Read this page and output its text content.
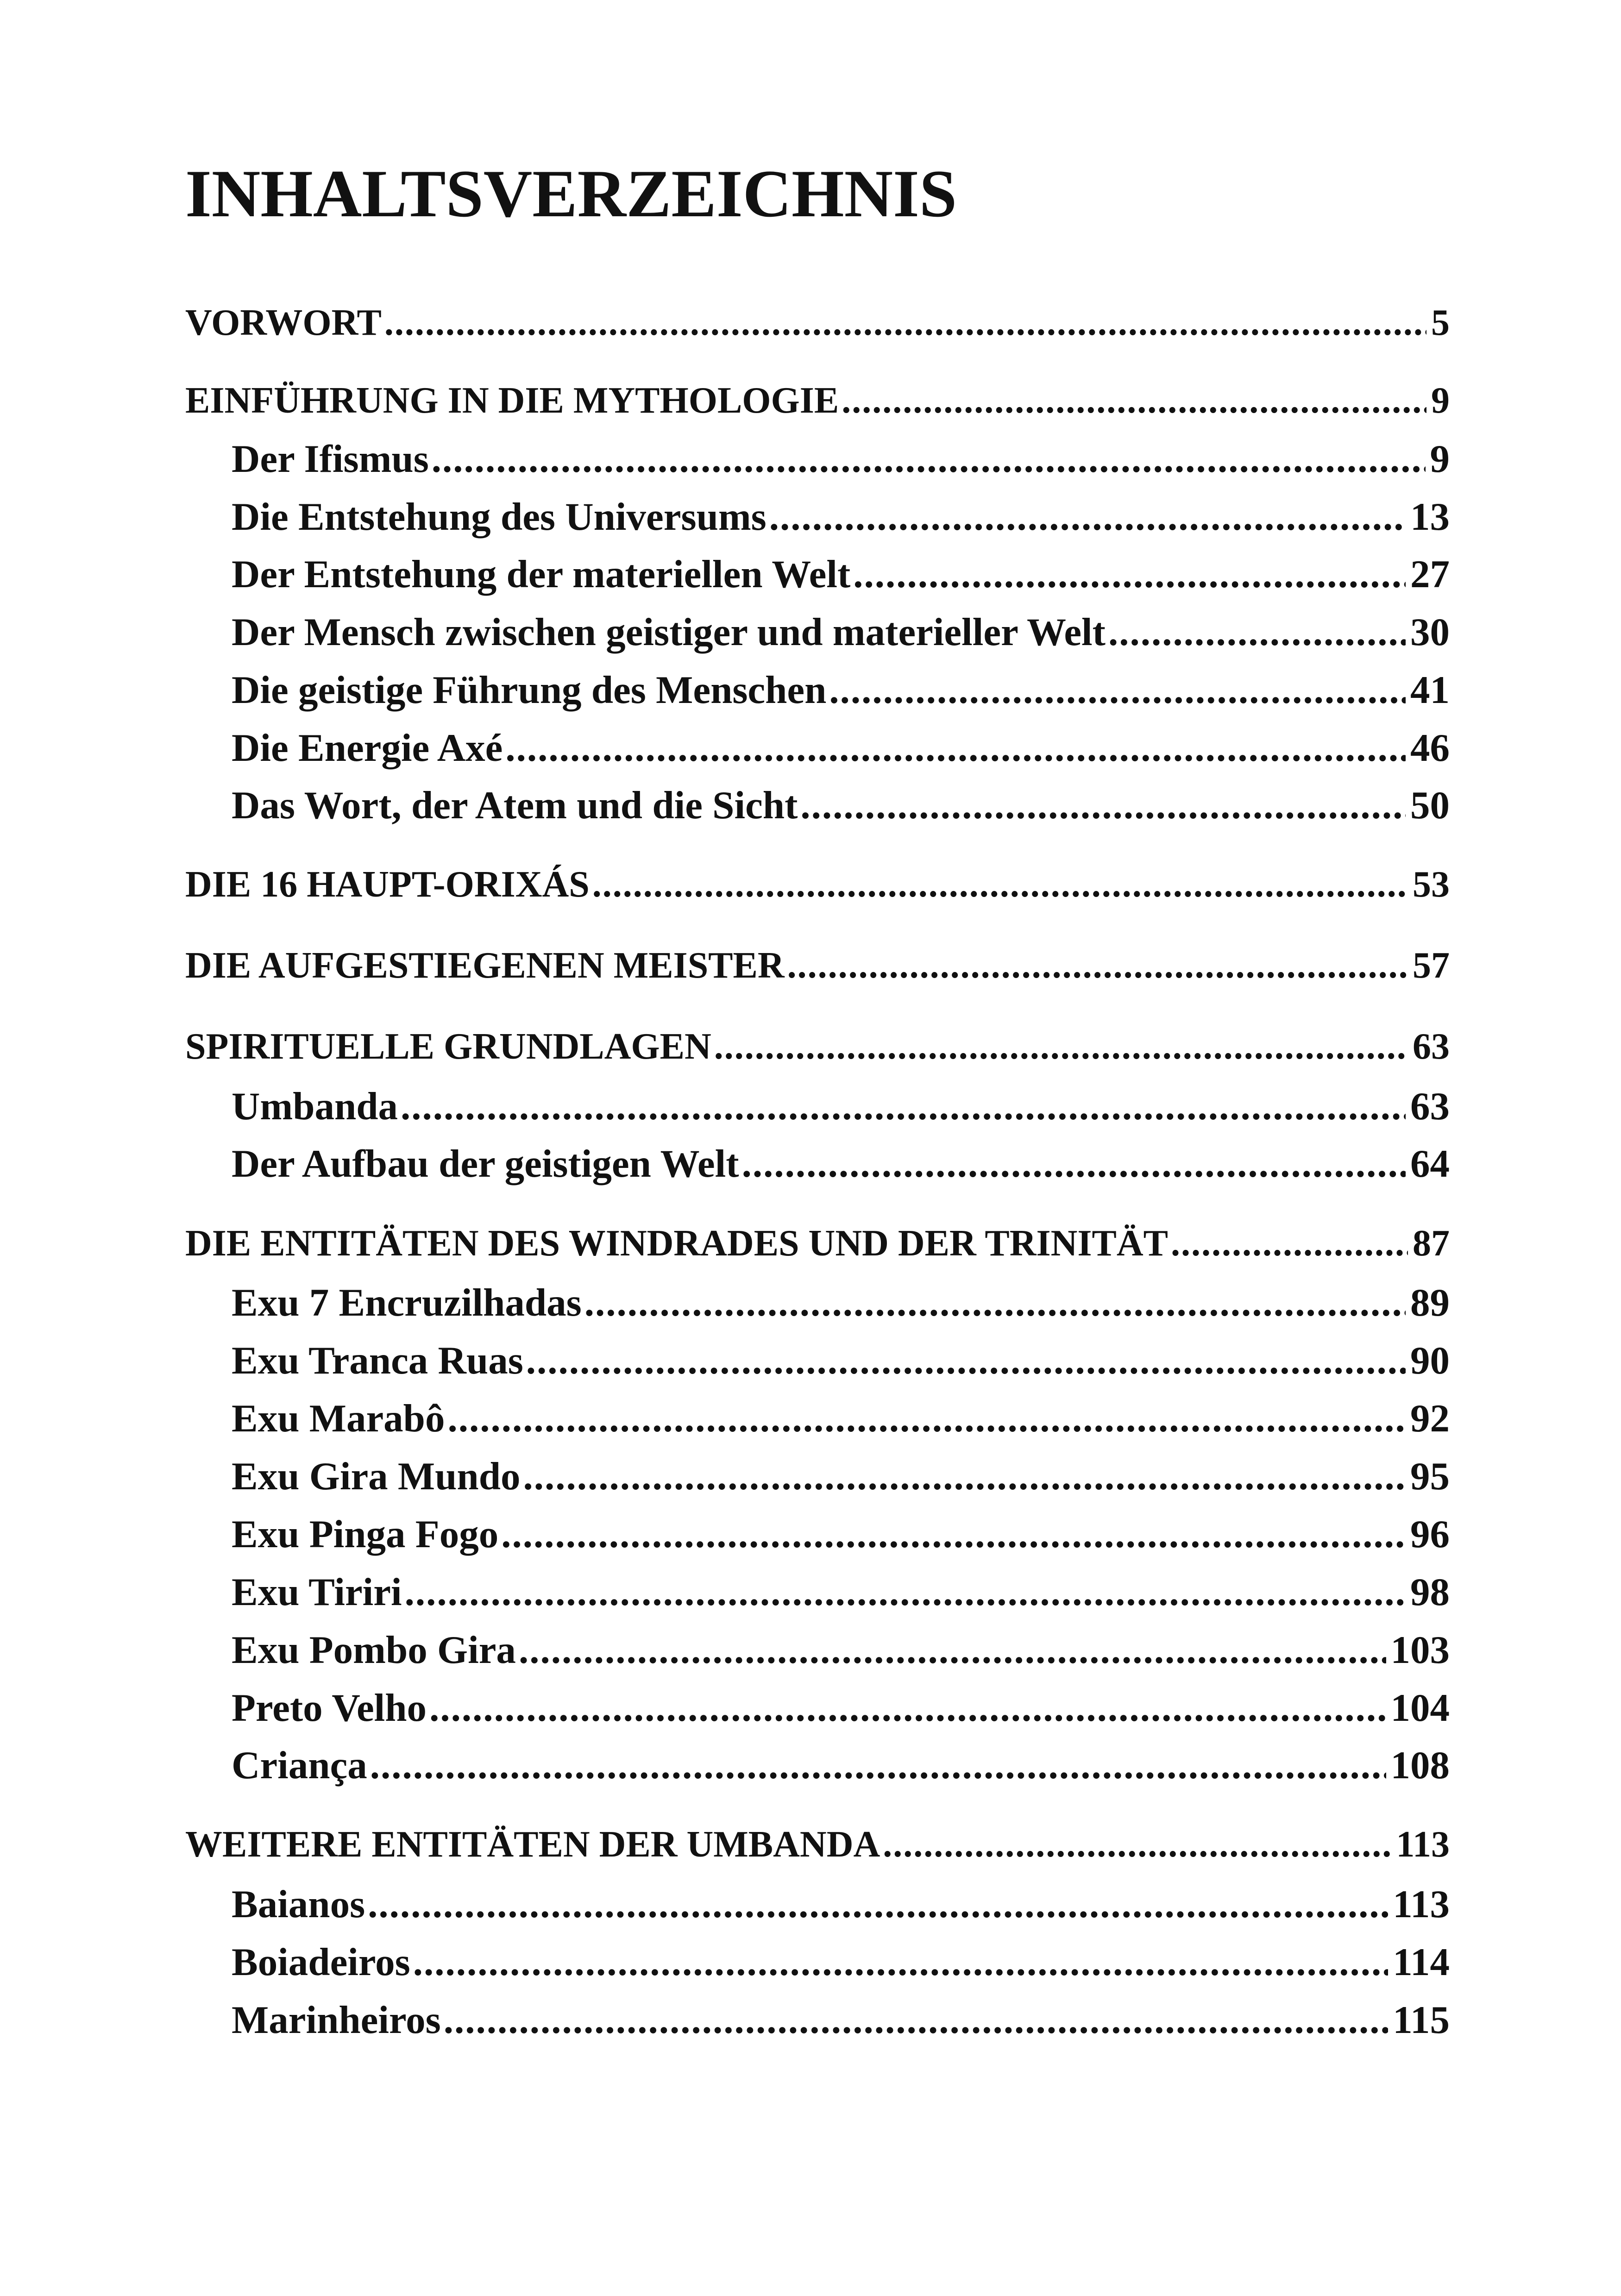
INHALTSVERZEICHNIS
VORWORT .....	5
EINFÜHRUNG IN DIE MYTHOLOGIE .....	9
Der Ifismus .....	9
Die Entstehung des Universums .....	13
Der Entstehung der materiellen Welt .....	27
Der Mensch zwischen geistiger und materieller Welt .....	30
Die geistige Führung des Menschen .....	41
Die Energie Axé .....	46
Das Wort, der Atem und die Sicht .....	50
DIE 16 HAUPT-ORIXÁS .....	53
DIE AUFGESTIEGENEN MEISTER .....	57
SPIRITUELLE GRUNDLAGEN .....	63
Umbanda .....	63
Der Aufbau der geistigen Welt .....	64
DIE ENTITÄTEN DES WINDRADES UND DER TRINITÄT .....	87
Exu 7 Encruzilhadas .....	89
Exu Tranca Ruas .....	90
Exu Marabô .....	92
Exu Gira Mundo .....	95
Exu Pinga Fogo .....	96
Exu Tiriri .....	98
Exu Pombo Gira .....	103
Preto Velho .....	104
Criança .....	108
WEITERE ENTITÄTEN DER UMBANDA .....	113
Baianos .....	113
Boiadeiros .....	114
Marinheiros .....	115
